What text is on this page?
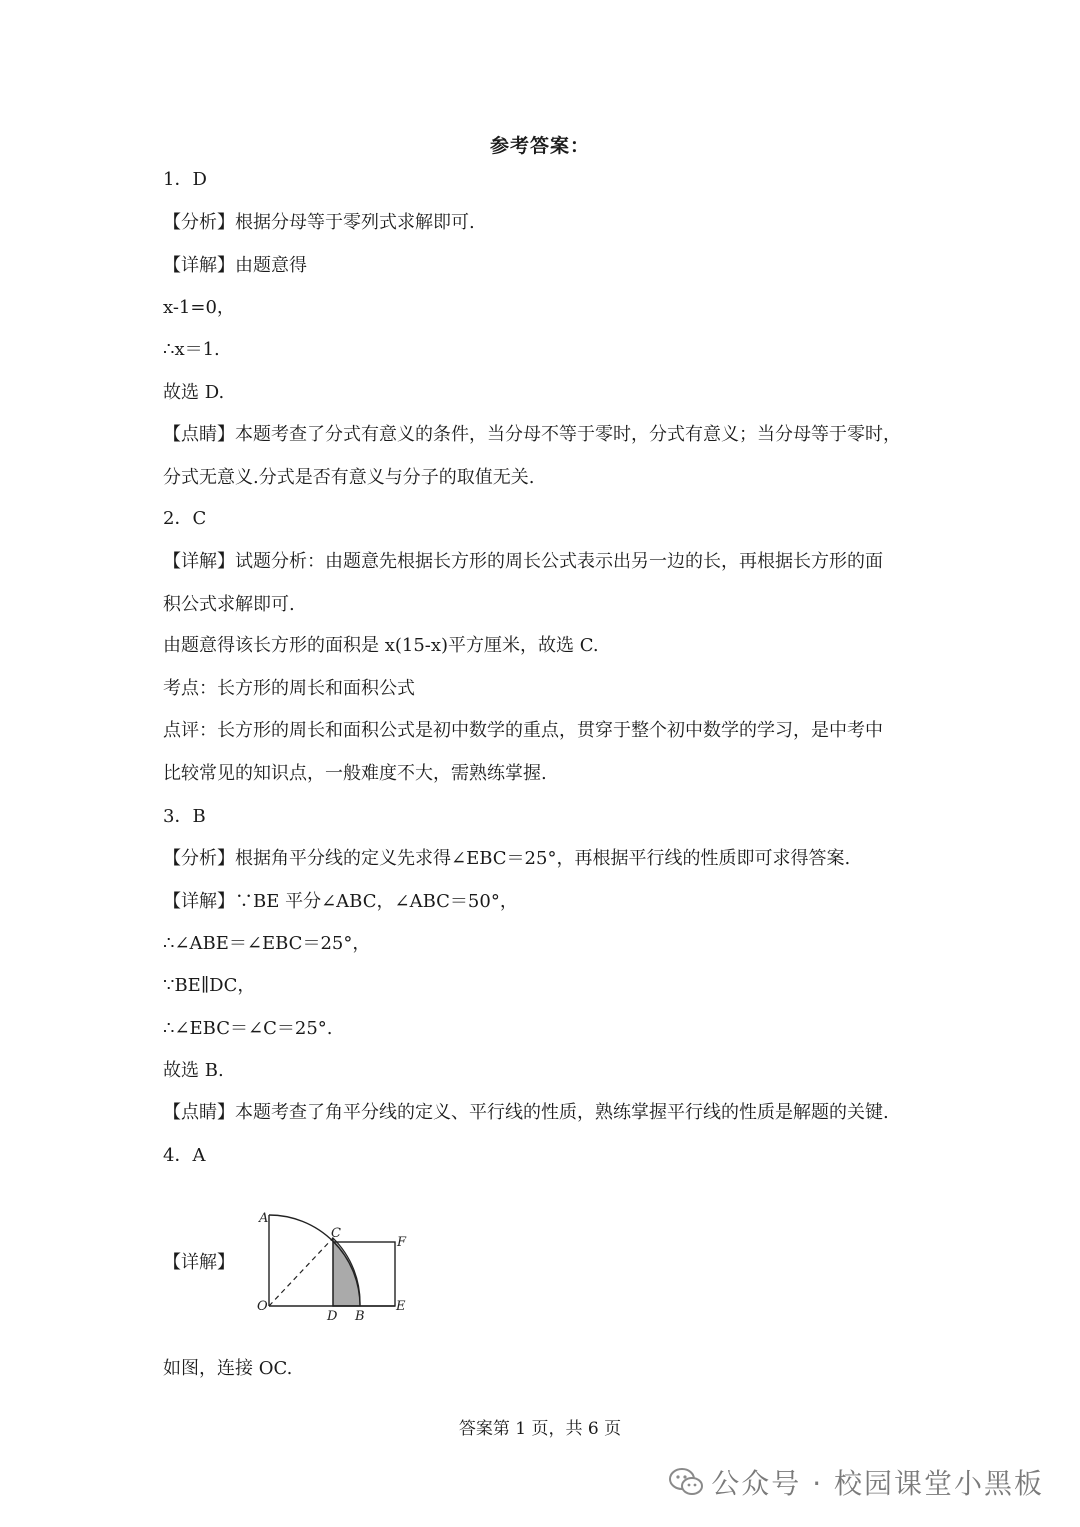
参考答案：
1．D
【分析】根据分母等于零列式求解即可.
【详解】由题意得
x-1=0，
∴x＝1.
故选 D.
【点睛】本题考查了分式有意义的条件，当分母不等于零时，分式有意义；当分母等于零时，
分式无意义.分式是否有意义与分子的取值无关.
2．C
【详解】试题分析：由题意先根据长方形的周长公式表示出另一边的长，再根据长方形的面
积公式求解即可.
由题意得该长方形的面积是 x(15-x)平方厘米，故选 C.
考点：长方形的周长和面积公式
点评：长方形的周长和面积公式是初中数学的重点，贯穿于整个初中数学的学习，是中考中
比较常见的知识点，一般难度不大，需熟练掌握.
3．B
【分析】根据角平分线的定义先求得∠EBC＝25°，再根据平行线的性质即可求得答案.
【详解】∵BE 平分∠ABC，∠ABC＝50°，
∴∠ABE＝∠EBC＝25°，
∵BE∥DC，
∴∠EBC＝∠C＝25°.
故选 B.
【点睛】本题考查了角平分线的定义、平行线的性质，熟练掌握平行线的性质是解题的关键.
4．A
【详解】
A
C
F
O
D B
E
如图，连接 OC.
答案第 1 页，共 6 页
公众号 · 校园课堂小黑板
